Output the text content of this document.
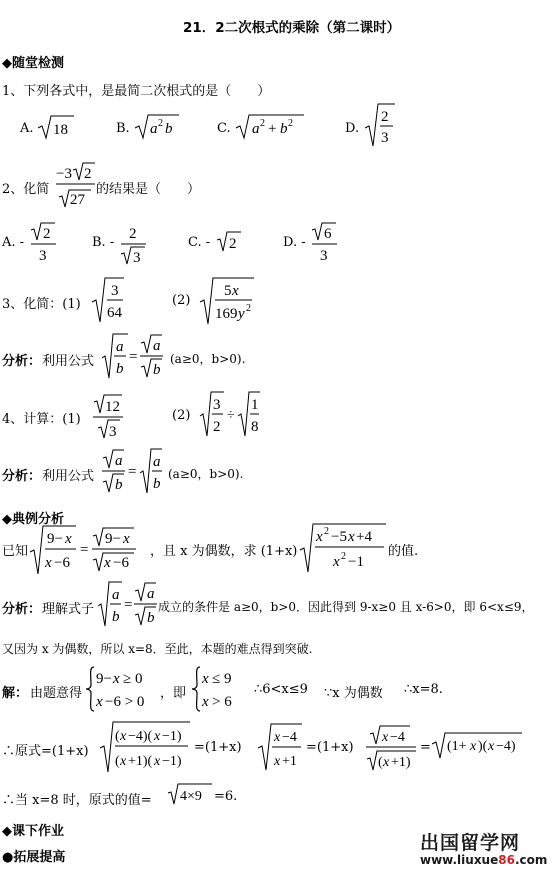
21．2二次根式的乘除（第二课时）
◆随堂检测
1、下列各式中，是最简二次根式的是（　　）
A. 18	B. a 2 b	C. a 2 + b 2	D.
2
3
2、化简
−3 2
27
的结果是（　　）
A. -
2
3
B. -
2
3
C. - 2	D. -
6
3
3、化简：(1)
3
64
(2)
5 x
169 y 2
分析： 利用公式
a
b
=
a
b
(a≥0，b>0).
4、计算：(1)
12
3
(2)
3
2
÷
1
8
分析： 利用公式
a
b
=
a
b
(a≥0，b>0).
◆典例分析
已知
9− x
x −6
=
9− x
x −6
，且 x 为偶数，求 (1+x)
x 2 −5 x +4
x 2 −1
的值.
分析： 理解式子
a
b
=
a
b
成立的条件是 a≥0，b>0．因此得到 9-x≥0 且 x-6>0，即 6<x≤9，
又因为 x 为偶数，所以 x=8．至此，本题的难点得到突破.
解： 由题意得
9− x ≥ 0
x −6 > 0
，即
x ≤ 9
x > 6
∴6<x≤9 ∵x 为偶数 ∴x=8.
∴原式=(1+x)
( x −4)( x −1)
( x +1)( x −1)
=(1+x)
x −4
x +1
=(1+x)
x −4
( x +1)
= (1+ x )( x −4)
∴当 x=8 时，原式的值= 4×9 =6.
◆课下作业
●拓展提高
出国留学网
www.liuxue86.com
